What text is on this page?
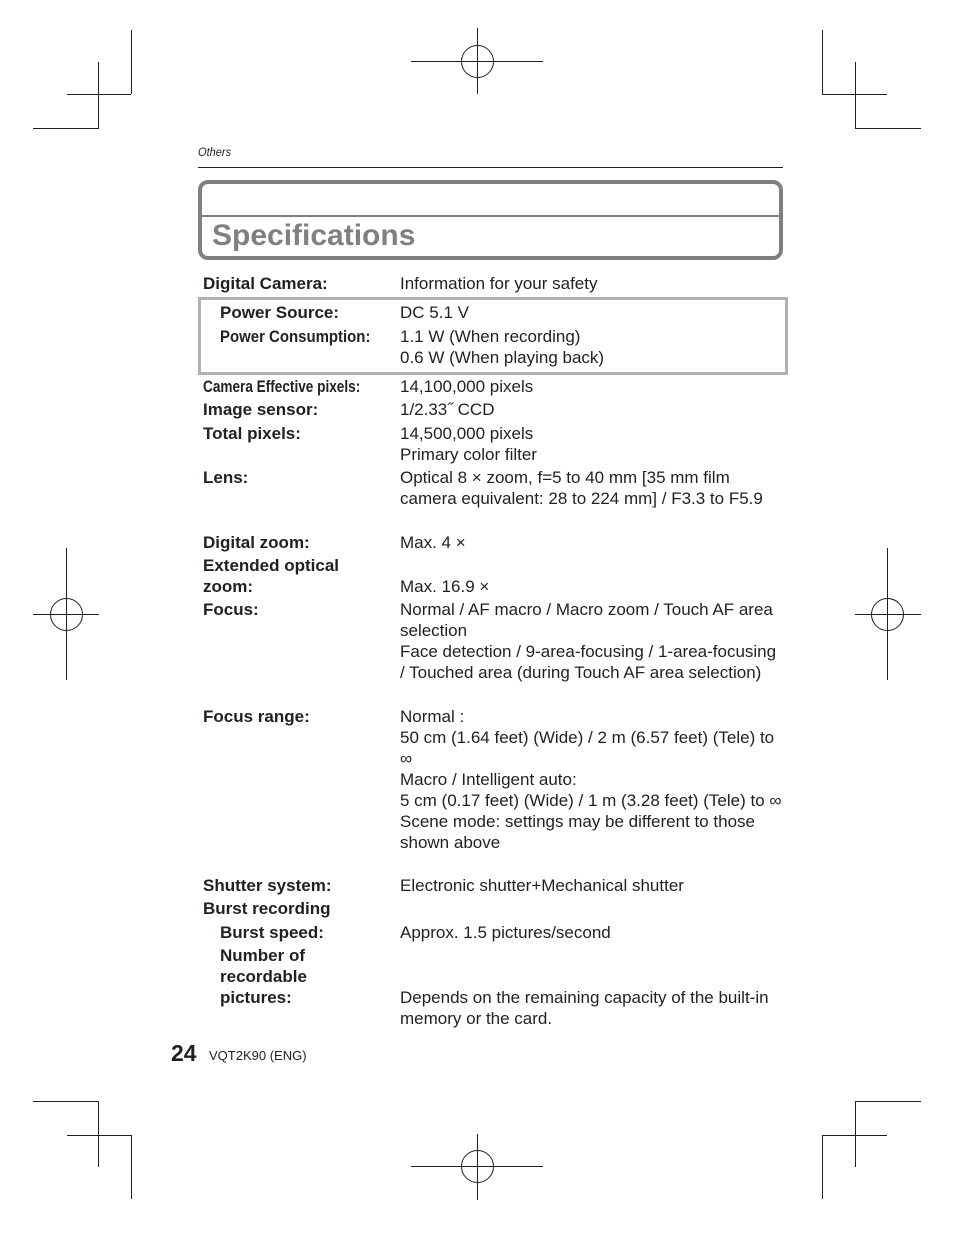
Others
Specifications
Digital Camera:	Information for your safety
Power Source:	DC 5.1 V
Power Consumption: 1.1 W (When recording)
0.6 W (When playing back)
Camera Effective pixels: 14,100,000 pixels
Image sensor:	1/2.33˝ CCD
Total pixels:	14,500,000 pixels
Primary color filter
Lens:	Optical 8 × zoom, f=5 to 40 mm [35 mm film camera equivalent: 28 to 224 mm] / F3.3 to F5.9
Digital zoom:	Max. 4 ×
Extended optical
zoom:	Max. 16.9 ×
Focus:	Normal / AF macro / Macro zoom / Touch AF area selection
Face detection / 9-area-focusing / 1-area-focusing / Touched area (during Touch AF area selection)
Focus range:	Normal :
50 cm (1.64 feet) (Wide) / 2 m (6.57 feet) (Tele) to ∞
Macro / Intelligent auto:
5 cm (0.17 feet) (Wide) / 1 m (3.28 feet) (Tele) to ∞
Scene mode: settings may be different to those shown above
Shutter system:	Electronic shutter+Mechanical shutter
Burst recording
Burst speed:	Approx. 1.5 pictures/second
Number of
recordable
pictures:	Depends on the remaining capacity of the built-in memory or the card.
24 VQT2K90 (ENG)
